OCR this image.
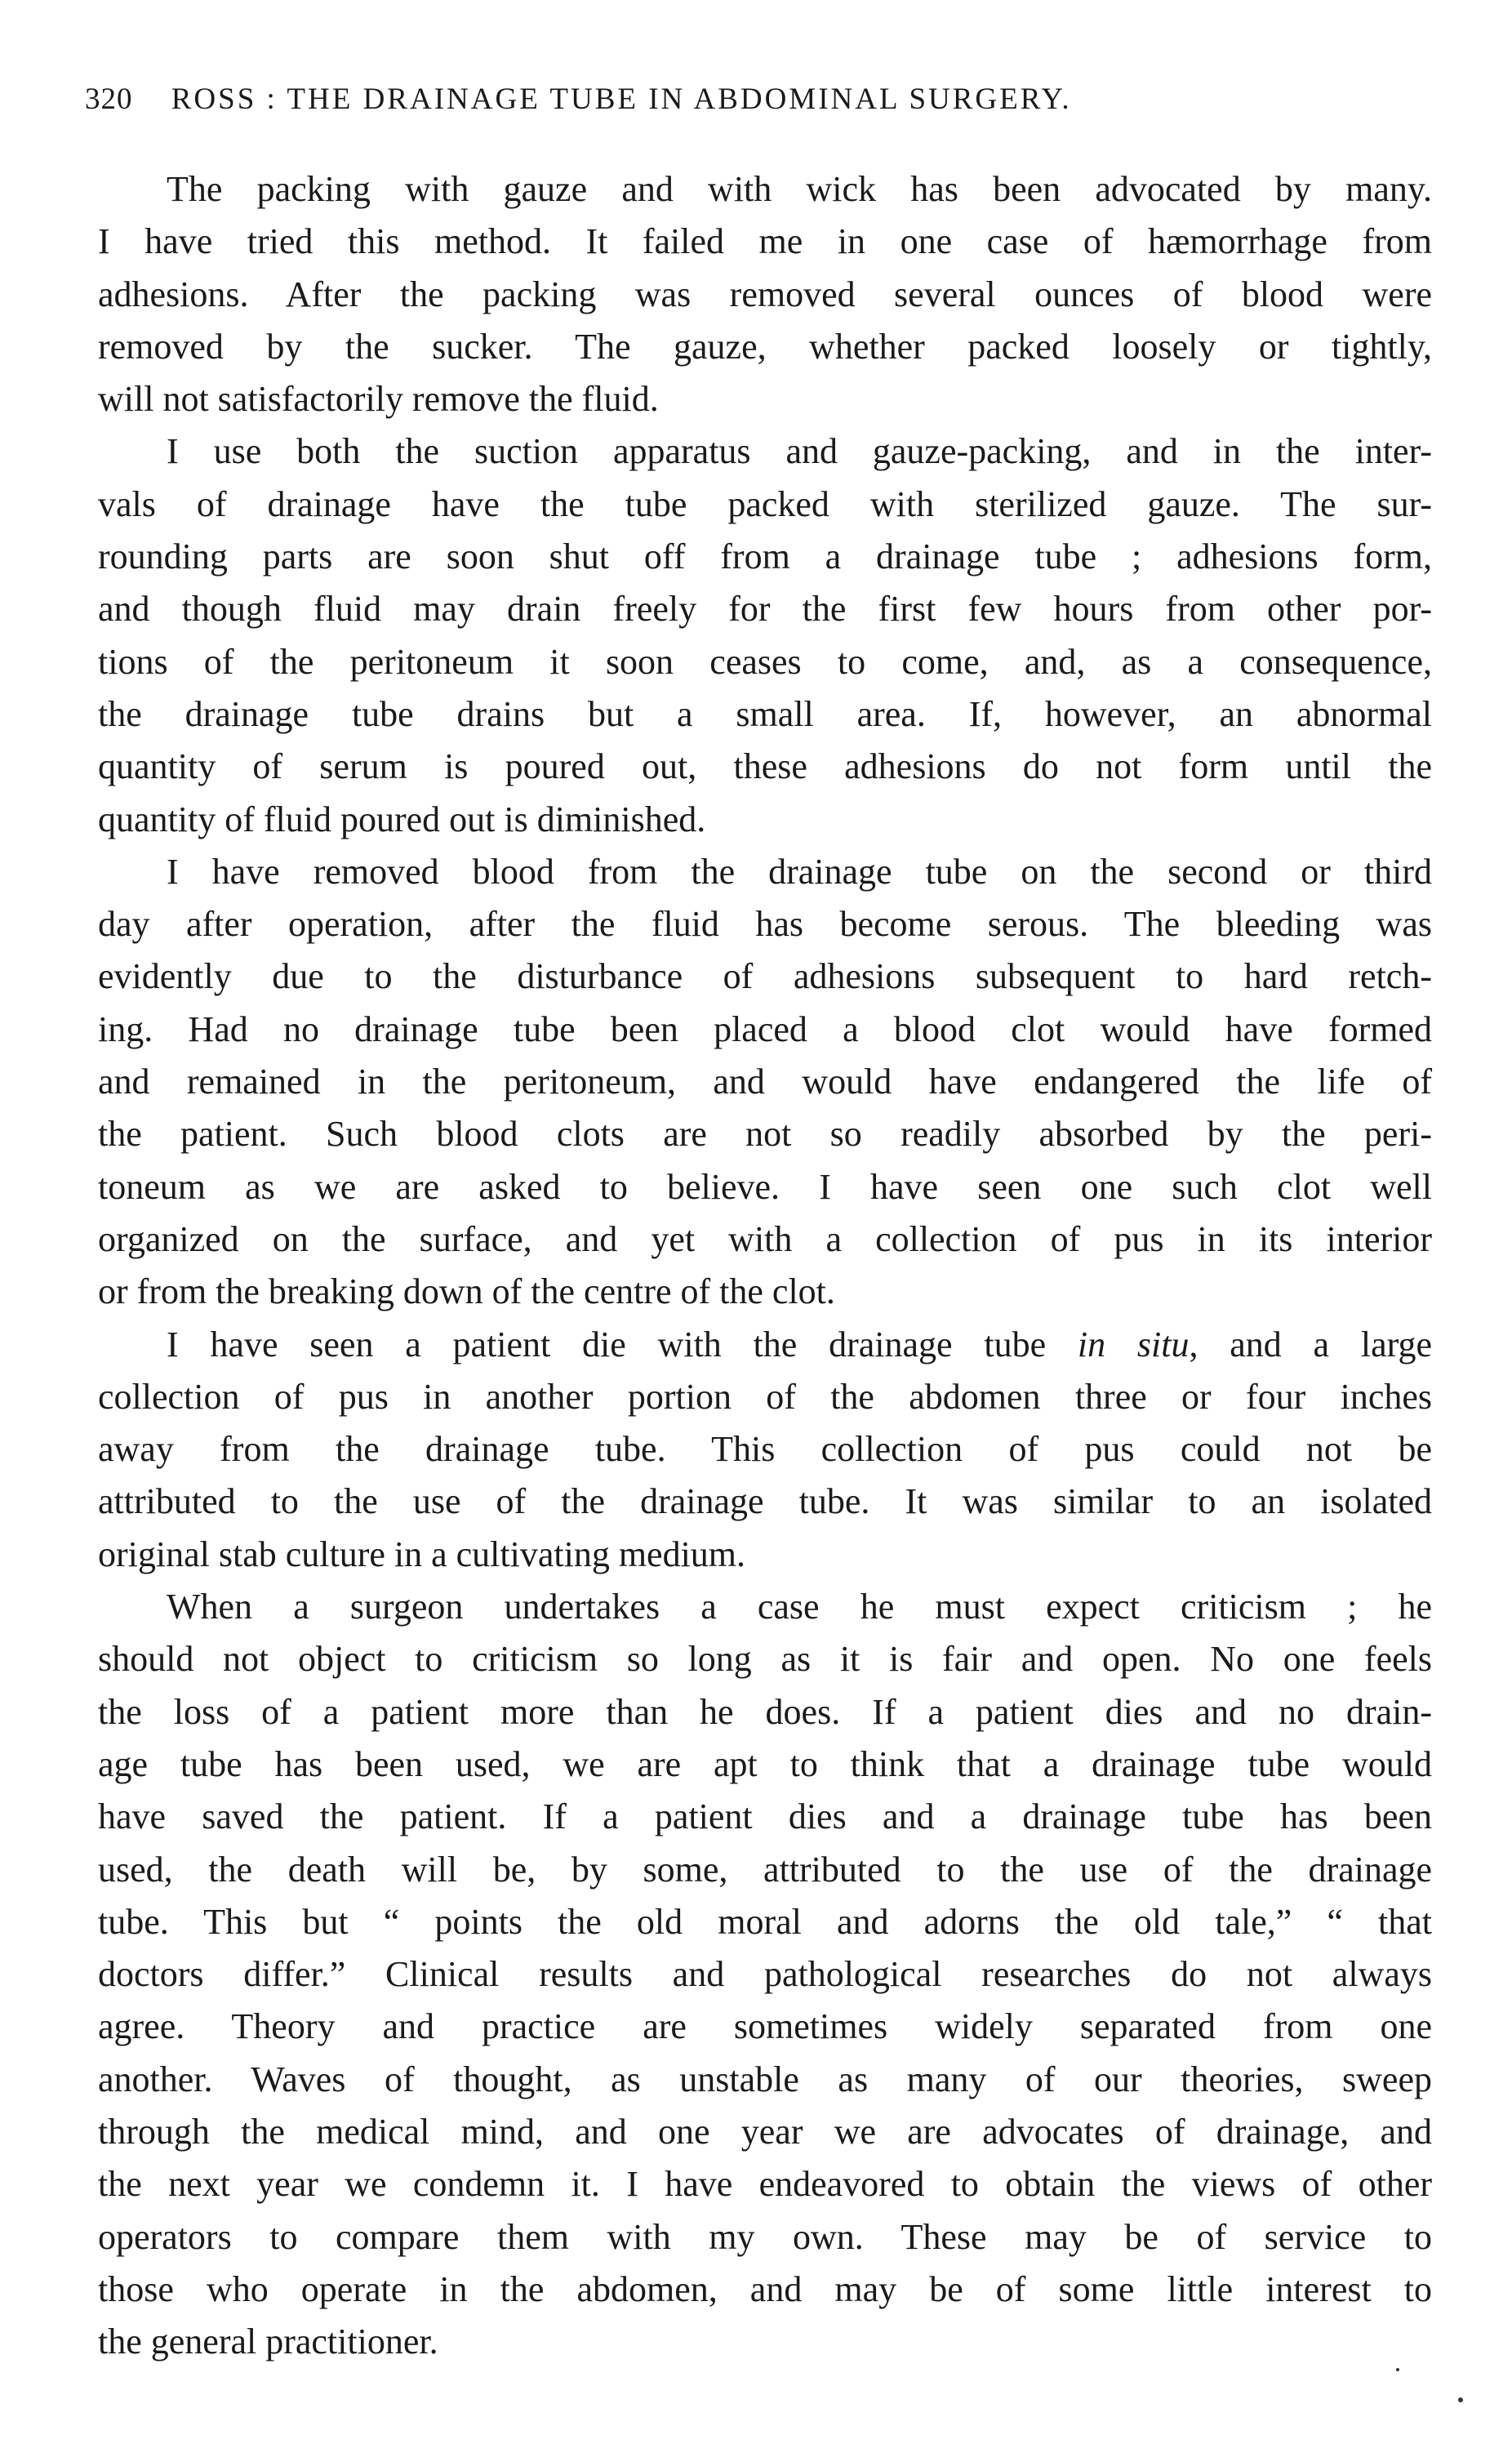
320 ROSS : THE DRAINAGE TUBE IN ABDOMINAL SURGERY.
The packing with gauze and with wick has been advocated by many.
I have tried this method. It failed me in one case of hæmorrhage from
adhesions. After the packing was removed several ounces of blood were
removed by the sucker. The gauze, whether packed loosely or tightly,
will not satisfactorily remove the fluid.
I use both the suction apparatus and gauze-packing, and in the inter-
vals of drainage have the tube packed with sterilized gauze. The sur-
rounding parts are soon shut off from a drainage tube ; adhesions form,
and though fluid may drain freely for the first few hours from other por-
tions of the peritoneum it soon ceases to come, and, as a consequence,
the drainage tube drains but a small area. If, however, an abnormal
quantity of serum is poured out, these adhesions do not form until the
quantity of fluid poured out is diminished.
I have removed blood from the drainage tube on the second or third
day after operation, after the fluid has become serous. The bleeding was
evidently due to the disturbance of adhesions subsequent to hard retch-
ing. Had no drainage tube been placed a blood clot would have formed
and remained in the peritoneum, and would have endangered the life of
the patient. Such blood clots are not so readily absorbed by the peri-
toneum as we are asked to believe. I have seen one such clot well
organized on the surface, and yet with a collection of pus in its interior
or from the breaking down of the centre of the clot.
I have seen a patient die with the drainage tube in situ, and a large
collection of pus in another portion of the abdomen three or four inches
away from the drainage tube. This collection of pus could not be
attributed to the use of the drainage tube. It was similar to an isolated
original stab culture in a cultivating medium.
When a surgeon undertakes a case he must expect criticism ; he
should not object to criticism so long as it is fair and open. No one feels
the loss of a patient more than he does. If a patient dies and no drain-
age tube has been used, we are apt to think that a drainage tube would
have saved the patient. If a patient dies and a drainage tube has been
used, the death will be, by some, attributed to the use of the drainage
tube. This but “ points the old moral and adorns the old tale,” “ that
doctors differ.” Clinical results and pathological researches do not always
agree. Theory and practice are sometimes widely separated from one
another. Waves of thought, as unstable as many of our theories, sweep
through the medical mind, and one year we are advocates of drainage, and
the next year we condemn it. I have endeavored to obtain the views of other
operators to compare them with my own. These may be of service to
those who operate in the abdomen, and may be of some little interest to
the general practitioner.
